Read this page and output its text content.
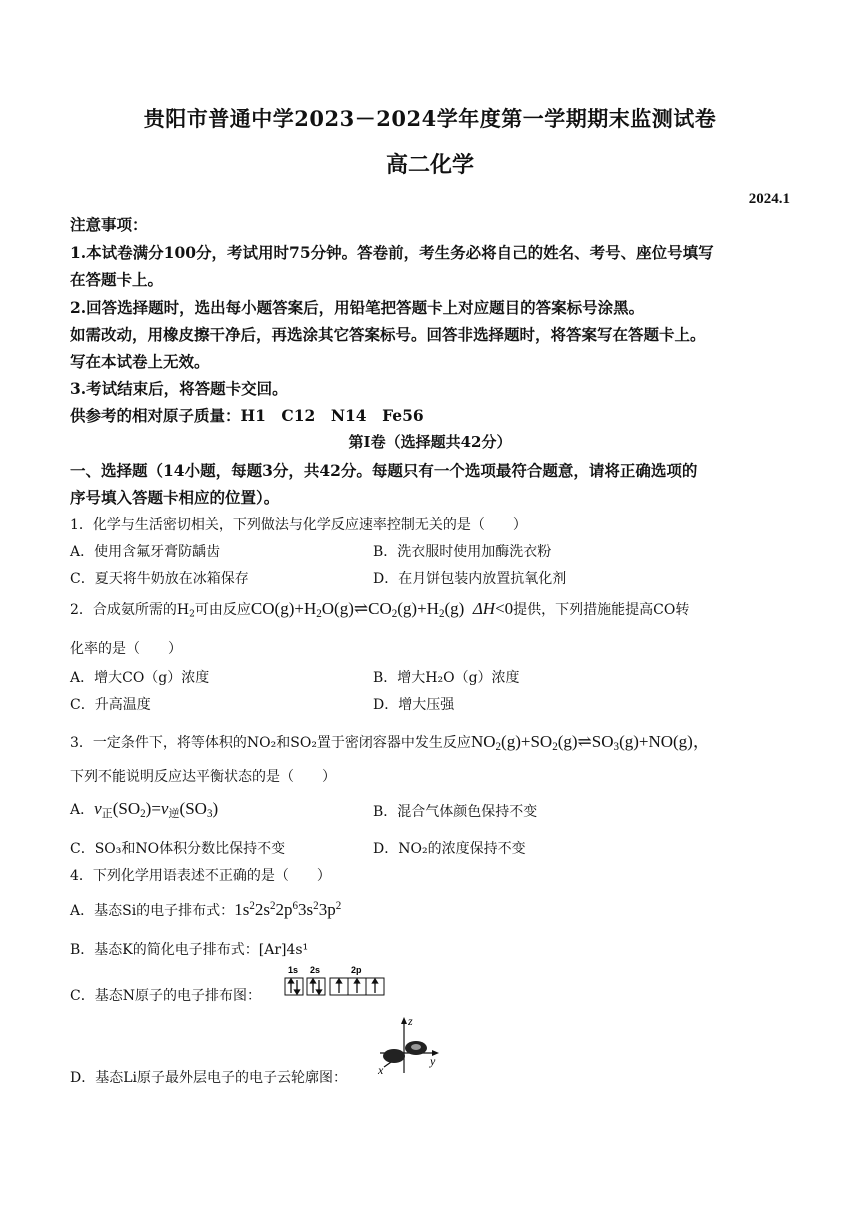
贵阳市普通中学2023－2024学年度第一学期期末监测试卷
高二化学
2024.1
注意事项：
1.本试卷满分100分，考试用时75分钟。答卷前，考生务必将自己的姓名、考号、座位号填写
在答题卡上。
2.回答选择题时，选出每小题答案后，用铅笔把答题卡上对应题目的答案标号涂黑。
如需改动，用橡皮擦干净后，再选涂其它答案标号。回答非选择题时，将答案写在答题卡上。
写在本试卷上无效。
3.考试结束后，将答题卡交回。
供参考的相对原子质量：H1　C12　N14　Fe56
第Ⅰ卷（选择题共42分）
一、选择题（14小题，每题3分，共42分。每题只有一个选项最符合题意，请将正确选项的
序号填入答题卡相应的位置）。
1．化学与生活密切相关，下列做法与化学反应速率控制无关的是（　　）
A．使用含氟牙膏防龋齿	B．洗衣服时使用加酶洗衣粉
C．夏天将牛奶放在冰箱保存	D．在月饼包装内放置抗氧化剂
2．合成氨所需的$H_2$可由反应$CO(g)+H_2O(g)\rightleftharpoons CO_2(g)+H_2(g)$  ΔH<0提供，下列措施能提高CO转
化率的是（　　）
A．增大CO（g）浓度	B．增大H₂O（g）浓度
C．升高温度	D．增大压强
3．一定条件下，将等体积的NO₂和SO₂置于密闭容器中发生反应$NO_2(g)+SO_2(g)\rightleftharpoons SO_3(g)+NO(g)$，
下列不能说明反应达平衡状态的是（　　）
A．$v_正(SO_2)=v_逆(SO_3)$	B．混合气体颜色保持不变
C．SO₃和NO体积分数比保持不变	D．NO₂的浓度保持不变
4．下列化学用语表述不正确的是（　　）
A．基态Si的电子排布式：$1s^22s^22p^63s^23p^2$
B．基态K的简化电子排布式：[Ar]4s¹
C．基态N原子的电子排布图：
1s 2s	2p
z
x
y
D．基态Li原子最外层电子的电子云轮廓图：
